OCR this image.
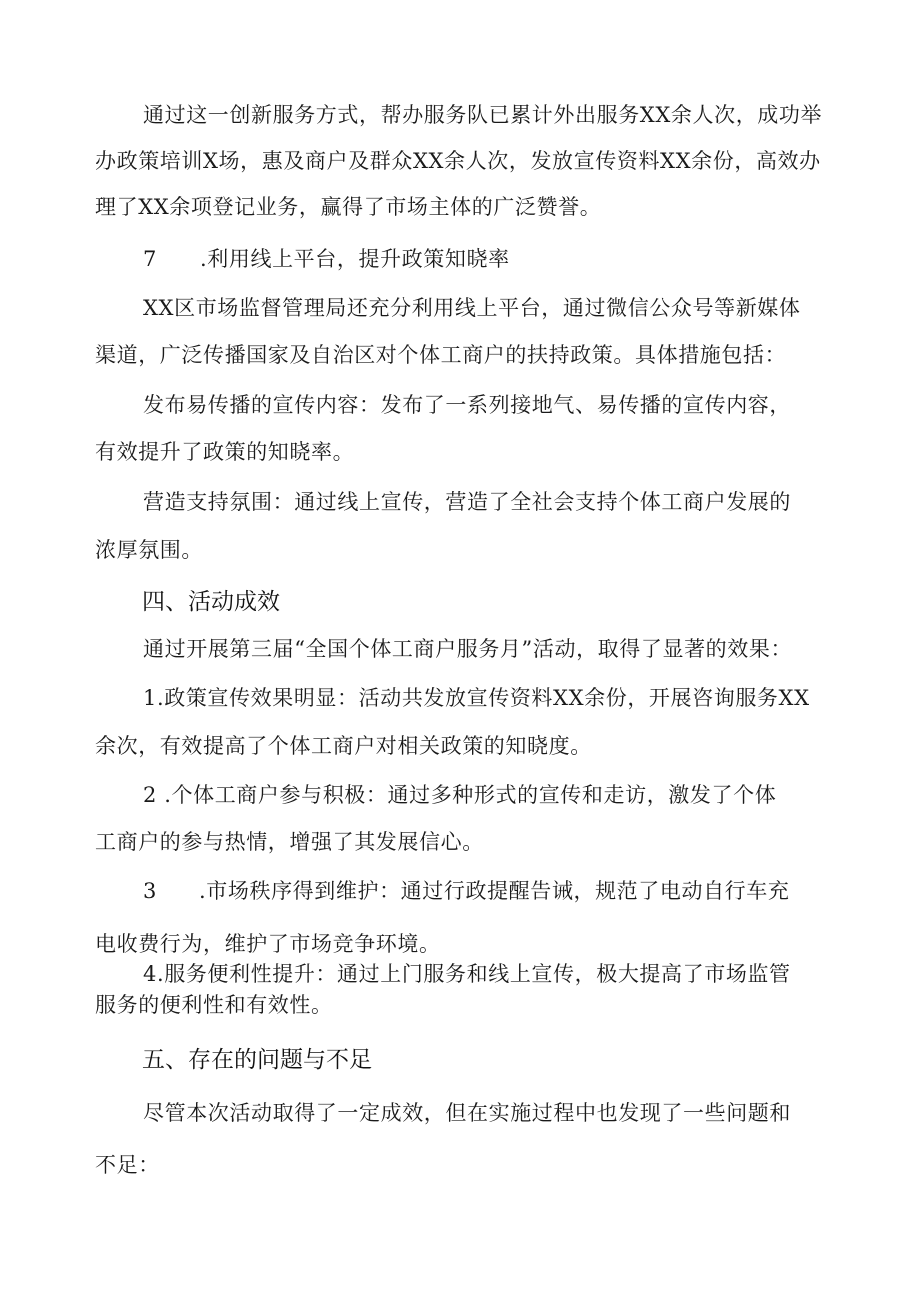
通过这一创新服务方式，帮办服务队已累计外出服务XX余人次，成功举
办政策培训X场，惠及商户及群众XX余人次，发放宣传资料XX余份，高效办
理了XX余项登记业务，赢得了市场主体的广泛赞誉。
7 .利用线上平台，提升政策知晓率
XX区市场监督管理局还充分利用线上平台，通过微信公众号等新媒体
渠道，广泛传播国家及自治区对个体工商户的扶持政策。具体措施包括：
发布易传播的宣传内容：发布了一系列接地气、易传播的宣传内容，
有效提升了政策的知晓率。
营造支持氛围：通过线上宣传，营造了全社会支持个体工商户发展的
浓厚氛围。
四、活动成效
通过开展第三届“全国个体工商户服务月”活动，取得了显著的效果：
1.政策宣传效果明显：活动共发放宣传资料XX余份，开展咨询服务XX
余次，有效提高了个体工商户对相关政策的知晓度。
2 .个体工商户参与积极：通过多种形式的宣传和走访，激发了个体
工商户的参与热情，增强了其发展信心。
3 .市场秩序得到维护：通过行政提醒告诫，规范了电动自行车充
电收费行为，维护了市场竞争环境。
4.服务便利性提升：通过上门服务和线上宣传，极大提高了市场监管
服务的便利性和有效性。
五、存在的问题与不足
尽管本次活动取得了一定成效，但在实施过程中也发现了一些问题和
不足：
